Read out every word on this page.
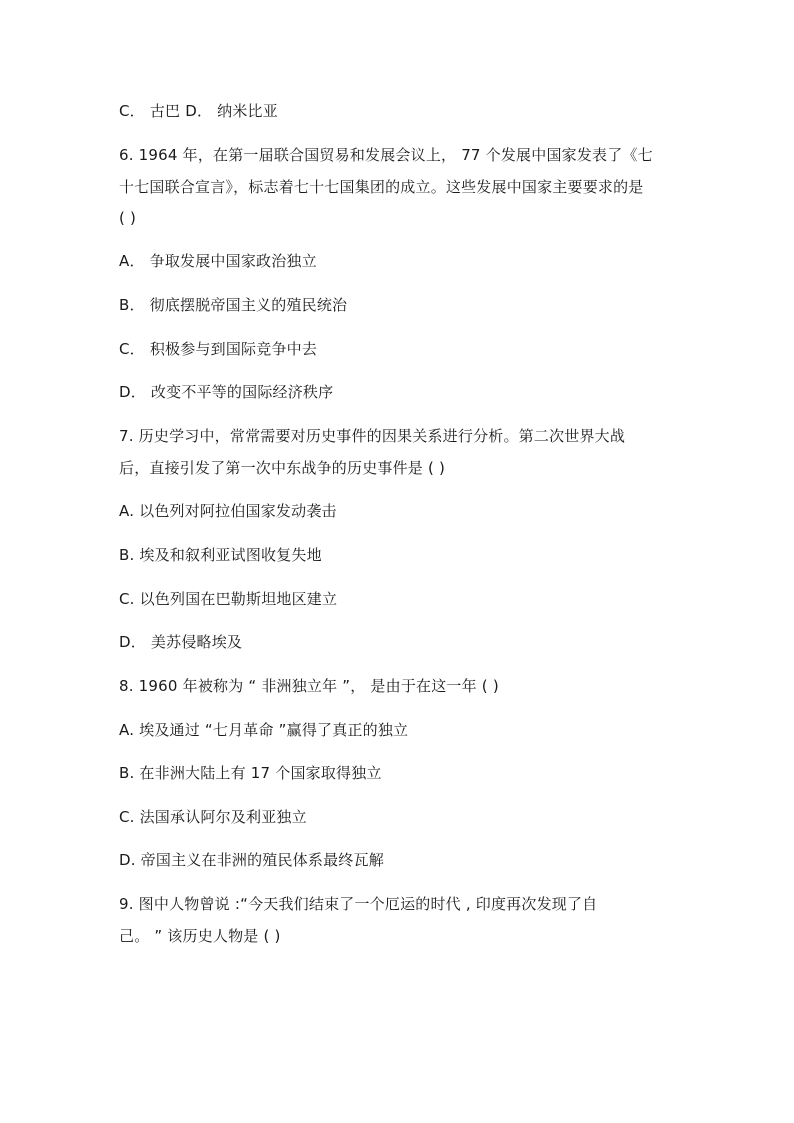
C． 古巴 D． 纳米比亚
6. 1964 年，在第一届联合国贸易和发展会议上， 77 个发展中国家发表了《七
十七国联合宣言》，标志着七十七国集团的成立。这些发展中国家主要要求的是
( )
A． 争取发展中国家政治独立
B． 彻底摆脱帝国主义的殖民统治
C． 积极参与到国际竞争中去
D． 改变不平等的国际经济秩序
7. 历史学习中，常常需要对历史事件的因果关系进行分析。第二次世界大战
后，直接引发了第一次中东战争的历史事件是 ( )
A. 以色列对阿拉伯国家发动袭击
B. 埃及和叙利亚试图收复失地
C. 以色列国在巴勒斯坦地区建立
D． 美苏侵略埃及
8. 1960 年被称为 “ 非洲独立年 ”， 是由于在这一年 ( )
A. 埃及通过 “七月革命 ”赢得了真正的独立
B. 在非洲大陆上有 17 个国家取得独立
C. 法国承认阿尔及利亚独立
D. 帝国主义在非洲的殖民体系最终瓦解
9. 图中人物曾说 :“今天我们结束了一个厄运的时代 , 印度再次发现了自
己。 ” 该历史人物是 ( )
